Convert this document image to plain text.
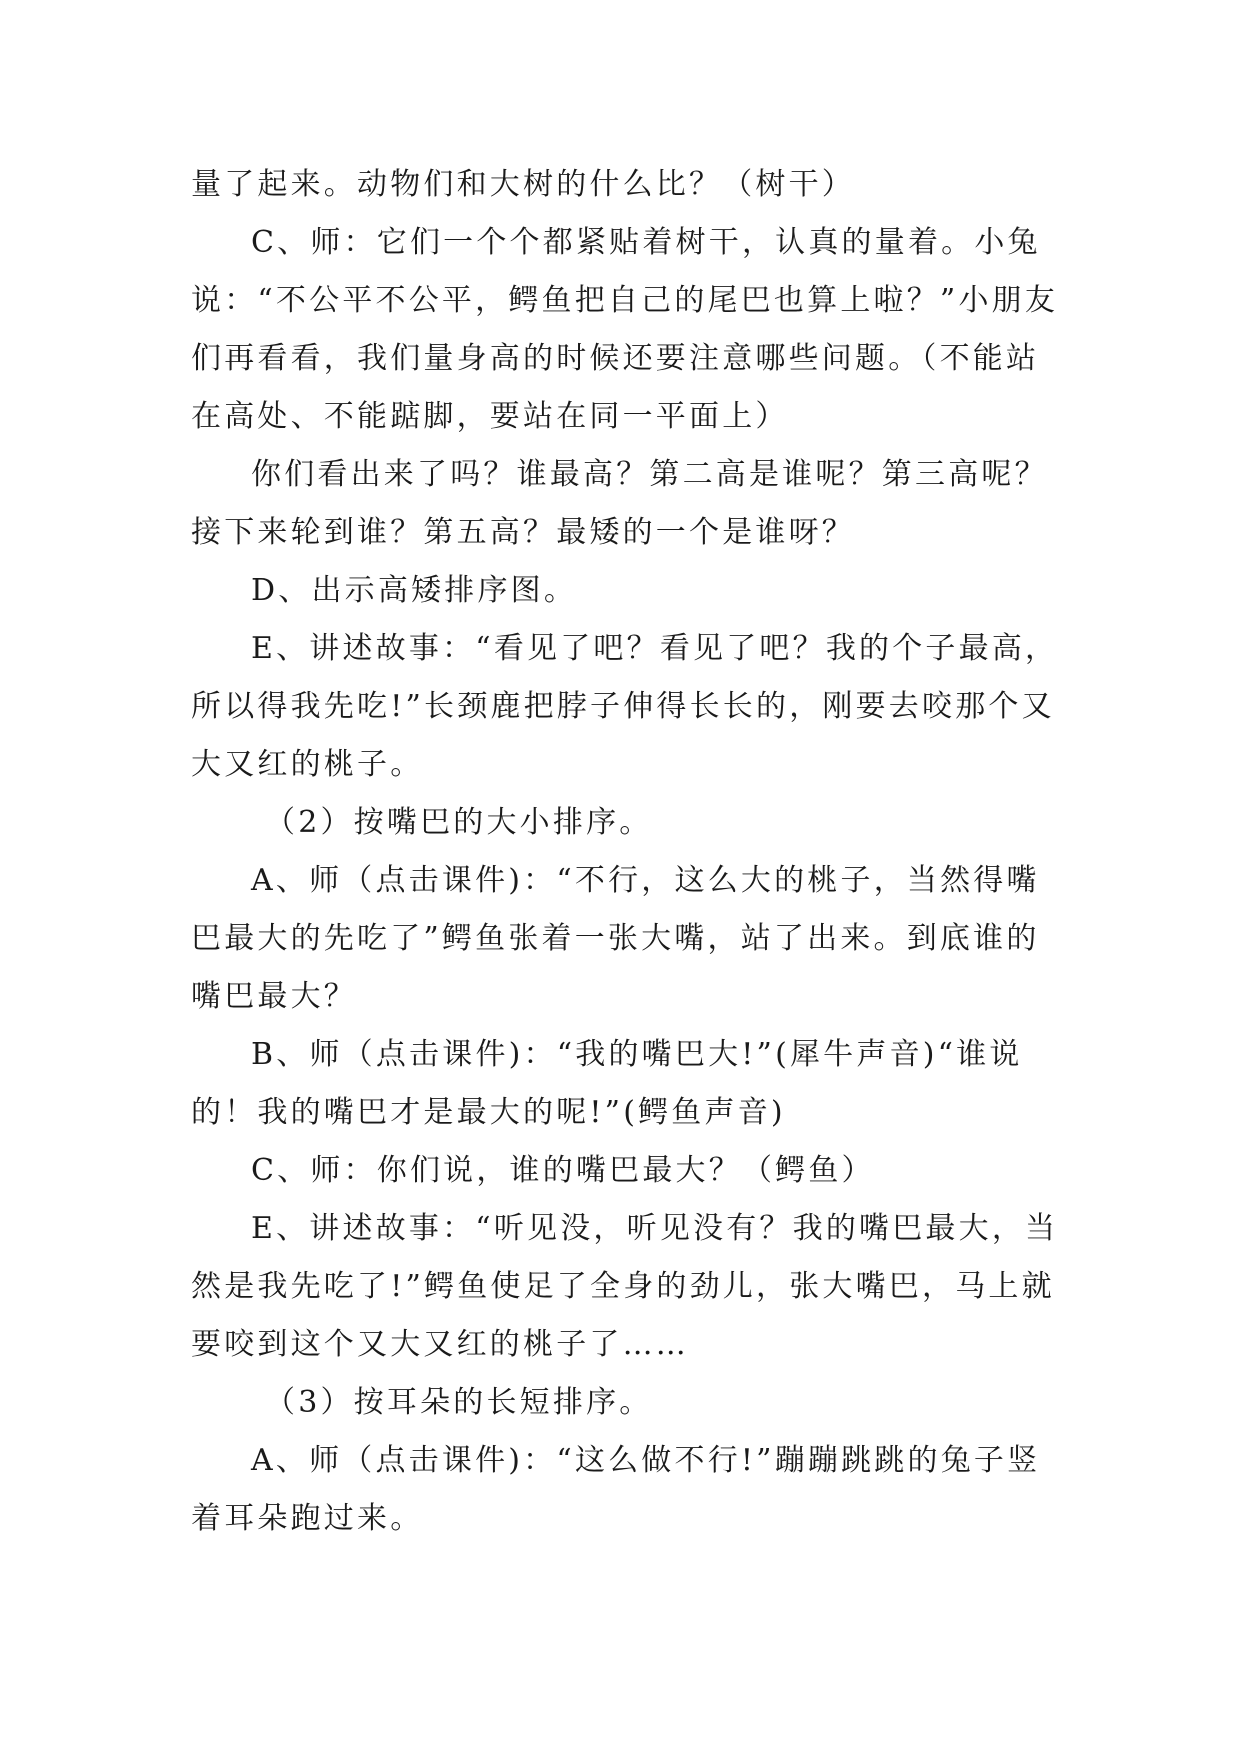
量了起来。动物们和大树的什么比？（树干）

C、师：它们一个个都紧贴着树干，认真的量着。小兔说：“不公平不公平，鳄鱼把自己的尾巴也算上啦？”小朋友们再看看，我们量身高的时候还要注意哪些问题。（不能站在高处、不能踮脚，要站在同一平面上）

你们看出来了吗？谁最高？第二高是谁呢？第三高呢？接下来轮到谁？第五高？最矮的一个是谁呀？

D、出示高矮排序图。

E、讲述故事：“看见了吧？看见了吧？我的个子最高，所以得我先吃!”长颈鹿把脖子伸得长长的，刚要去咬那个又大又红的桃子。

（2）按嘴巴的大小排序。

A、师（点击课件)：“不行，这么大的桃子，当然得嘴巴最大的先吃了”鳄鱼张着一张大嘴，站了出来。到底谁的嘴巴最大？

B、师（点击课件)：“我的嘴巴大!”(犀牛声音)“谁说的！我的嘴巴才是最大的呢!”(鳄鱼声音)

C、师：你们说，谁的嘴巴最大？（鳄鱼）

E、讲述故事：“听见没，听见没有？我的嘴巴最大，当然是我先吃了!”鳄鱼使足了全身的劲儿，张大嘴巴，马上就要咬到这个又大又红的桃子了……

（3）按耳朵的长短排序。

A、师（点击课件)：“这么做不行!”蹦蹦跳跳的兔子竖着耳朵跑过来。
